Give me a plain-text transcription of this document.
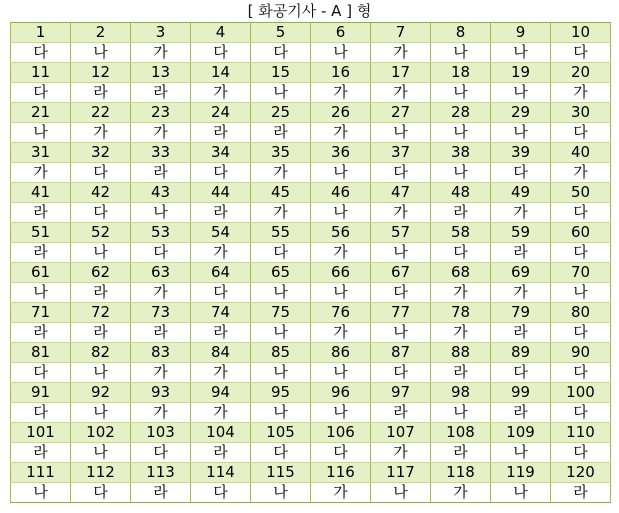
[ 화공기사 - A ] 형
1	2	3	4	5	6	7	8	9	10
다	나	가	다	다	나	가	나	나	다
11	12	13	14	15	16	17	18	19	20
다	라	라	가	나	가	가	나	나	가
21	22	23	24	25	26	27	28	29	30
나	가	가	라	라	가	나	나	나	다
31	32	33	34	35	36	37	38	39	40
가	다	라	다	가	나	다	나	다	가
41	42	43	44	45	46	47	48	49	50
라	다	나	라	가	나	가	라	가	다
51	52	53	54	55	56	57	58	59	60
라	나	다	가	다	가	나	다	라	다
61	62	63	64	65	66	67	68	69	70
나	라	가	다	나	나	다	가	가	나
71	72	73	74	75	76	77	78	79	80
라	라	라	라	나	가	나	가	라	다
81	82	83	84	85	86	87	88	89	90
다	나	가	가	나	나	다	라	다	다
91	92	93	94	95	96	97	98	99	100
다	나	가	가	나	나	라	나	라	다
101	102	103	104	105	106	107	108	109	110
라	나	다	라	다	다	가	라	나	다
111	112	113	114	115	116	117	118	119	120
나	다	라	다	나	가	나	가	나	라
